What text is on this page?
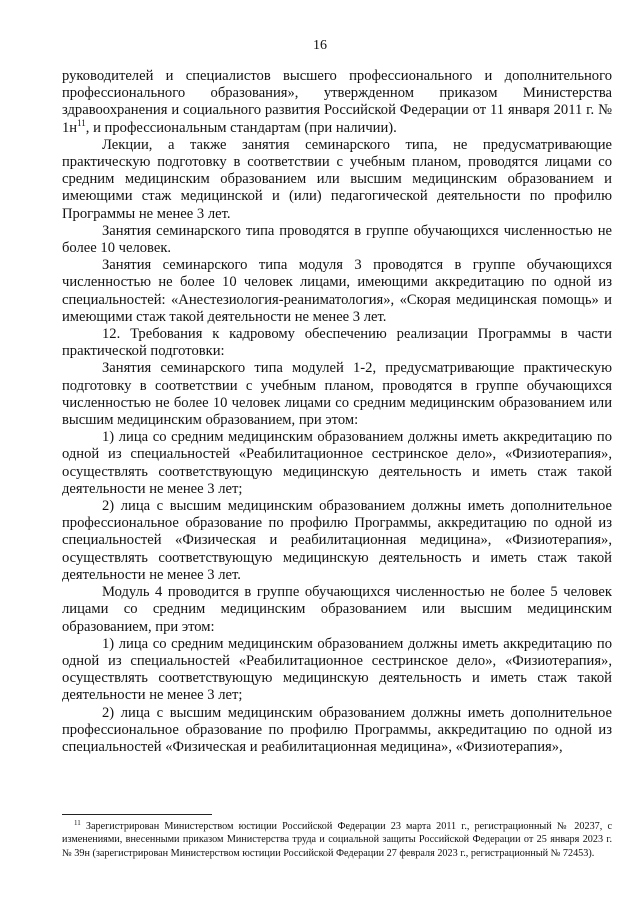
16

руководителей и специалистов высшего профессионального и дополнительного профессионального образования», утвержденном приказом Министерства здравоохранения и социального развития Российской Федерации от 11 января 2011 г. № $1н^{11}$, и профессиональным стандартам (при наличии).

Лекции, а также занятия семинарского типа, не предусматривающие практическую подготовку в соответствии с учебным планом, проводятся лицами со средним медицинским образованием или высшим медицинским образованием и имеющими стаж медицинской и (или) педагогической деятельности по профилю Программы не менее 3 лет.

Занятия семинарского типа проводятся в группе обучающихся численностью не более 10 человек.

Занятия семинарского типа модуля 3 проводятся в группе обучающихся численностью не более 10 человек лицами, имеющими аккредитацию по одной из специальностей: «Анестезиология-реаниматология», «Скорая медицинская помощь» и имеющими стаж такой деятельности не менее 3 лет.

12. Требования к кадровому обеспечению реализации Программы в части практической подготовки:

Занятия семинарского типа модулей 1-2, предусматривающие практическую подготовку в соответствии с учебным планом, проводятся в группе обучающихся численностью не более 10 человек лицами со средним медицинским образованием или высшим медицинским образованием, при этом:

1) лица со средним медицинским образованием должны иметь аккредитацию по одной из специальностей «Реабилитационное сестринское дело», «Физиотерапия», осуществлять соответствующую медицинскую деятельность и иметь стаж такой деятельности не менее 3 лет;

2) лица с высшим медицинским образованием должны иметь дополнительное профессиональное образование по профилю Программы, аккредитацию по одной из специальностей «Физическая и реабилитационная медицина», «Физиотерапия», осуществлять соответствующую медицинскую деятельность и иметь стаж такой деятельности не менее 3 лет.

Модуль 4 проводится в группе обучающихся численностью не более 5 человек лицами со средним медицинским образованием или высшим медицинским образованием, при этом:

1) лица со средним медицинским образованием должны иметь аккредитацию по одной из специальностей «Реабилитационное сестринское дело», «Физиотерапия», осуществлять соответствующую медицинскую деятельность и иметь стаж такой деятельности не менее 3 лет;

2) лица с высшим медицинским образованием должны иметь дополнительное профессиональное образование по профилю Программы, аккредитацию по одной из специальностей «Физическая и реабилитационная медицина», «Физиотерапия»,

$^{11}$ Зарегистрирован Министерством юстиции Российской Федерации 23 марта 2011 г., регистрационный № 20237, с изменениями, внесенными приказом Министерства труда и социальной защиты Российской Федерации от 25 января 2023 г. № 39н (зарегистрирован Министерством юстиции Российской Федерации 27 февраля 2023 г., регистрационный № 72453).
